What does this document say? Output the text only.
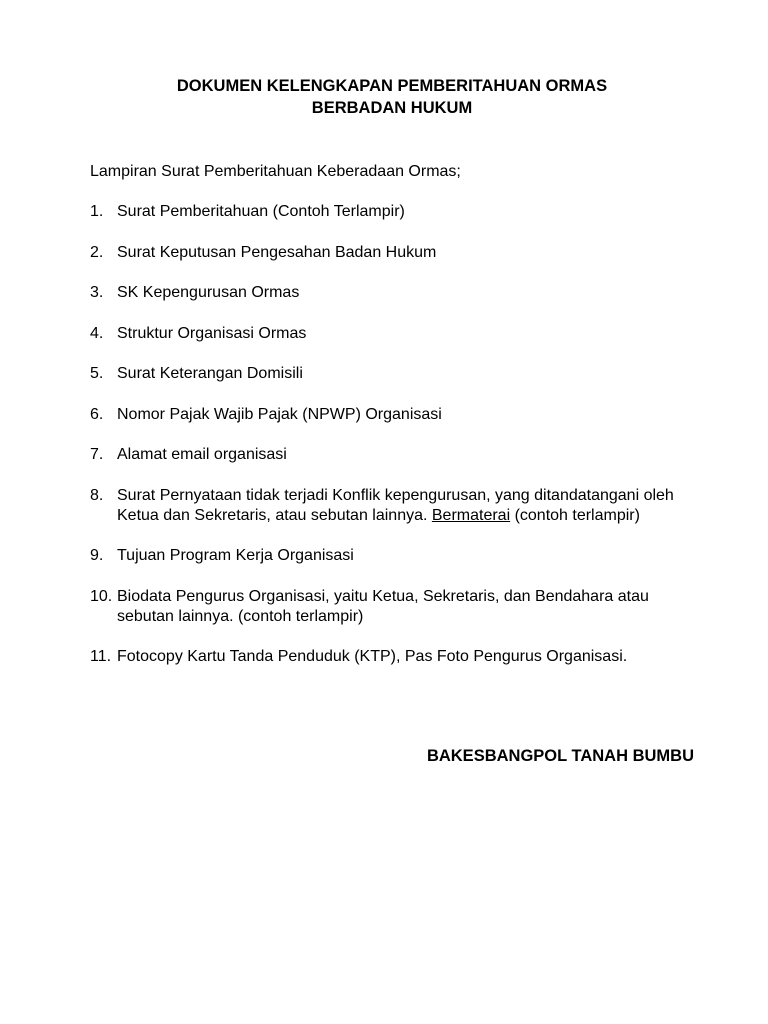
DOKUMEN KELENGKAPAN PEMBERITAHUAN ORMAS
BERBADAN HUKUM
Lampiran Surat Pemberitahuan Keberadaan Ormas;
1. Surat Pemberitahuan (Contoh Terlampir)
2. Surat Keputusan Pengesahan Badan Hukum
3. SK Kepengurusan Ormas
4. Struktur Organisasi Ormas
5. Surat Keterangan Domisili
6. Nomor Pajak Wajib Pajak (NPWP) Organisasi
7. Alamat email organisasi
8. Surat Pernyataan tidak terjadi Konflik kepengurusan, yang ditandatangani oleh Ketua dan Sekretaris, atau sebutan lainnya. Bermaterai (contoh terlampir)
9. Tujuan Program Kerja Organisasi
10. Biodata Pengurus Organisasi, yaitu Ketua, Sekretaris, dan Bendahara atau sebutan lainnya. (contoh terlampir)
11. Fotocopy Kartu Tanda Penduduk (KTP), Pas Foto Pengurus Organisasi.
BAKESBANGPOL TANAH BUMBU
